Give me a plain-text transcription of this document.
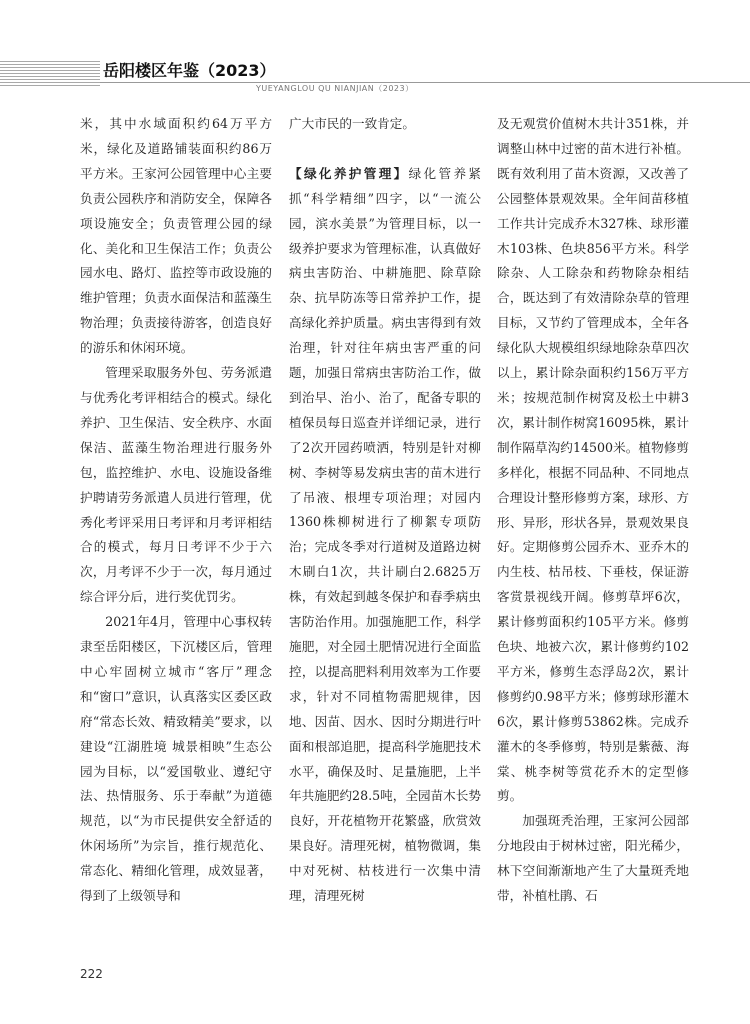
岳阳楼区年鉴（2023）
YUEYANGLOU QU NIANJIAN（2023）

米，其中水域面积约64万平方米，绿化及道路铺装面积约86万平方米。王家河公园管理中心主要负责公园秩序和消防安全，保障各项设施安全；负责管理公园的绿化、美化和卫生保洁工作；负责公园水电、路灯、监控等市政设施的维护管理；负责水面保洁和蓝藻生物治理；负责接待游客，创造良好的游乐和休闲环境。

管理采取服务外包、劳务派遣与优秀化考评相结合的模式。绿化养护、卫生保洁、安全秩序、水面保洁、蓝藻生物治理进行服务外包，监控维护、水电、设施设备维护聘请劳务派遣人员进行管理，优秀化考评采用日考评和月考评相结合的模式，每月日考评不少于六次，月考评不少于一次，每月通过综合评分后，进行奖优罚劣。

2021年4月，管理中心事权转隶至岳阳楼区，下沉楼区后，管理中心牢固树立城市“客厅”理念和“窗口”意识，认真落实区委区政府“常态长效、精致精美”要求，以建设“江湖胜境 城景相映”生态公园为目标，以“爱国敬业、遵纪守法、热情服务、乐于奉献”为道德规范，以“为市民提供安全舒适的休闲场所”为宗旨，推行规范化、常态化、精细化管理，成效显著，得到了上级领导和

广大市民的一致肯定。

【绿化养护管理】绿化管养紧抓“科学精细”四字，以“一流公园，滨水美景”为管理目标，以一级养护要求为管理标准，认真做好病虫害防治、中耕施肥、除草除杂、抗旱防冻等日常养护工作，提高绿化养护质量。病虫害得到有效治理，针对往年病虫害严重的问题，加强日常病虫害防治工作，做到治早、治小、治了，配备专职的植保员每日巡查并详细记录，进行了2次开园药喷洒，特别是针对柳树、李树等易发病虫害的苗木进行了吊液、根埋专项治理；对园内1360株柳树进行了柳絮专项防治；完成冬季对行道树及道路边树木刷白1次，共计刷白2.6825万株，有效起到越冬保护和春季病虫害防治作用。加强施肥工作，科学施肥，对全园土肥情况进行全面监控，以提高肥料利用效率为工作要求，针对不同植物需肥规律，因地、因苗、因水、因时分期进行叶面和根部追肥，提高科学施肥技术水平，确保及时、足量施肥，上半年共施肥约28.5吨，全园苗木长势良好，开花植物开花繁盛，欣赏效果良好。清理死树，植物微调，集中对死树、枯枝进行一次集中清理，清理死树

及无观赏价值树木共计351株，并调整山林中过密的苗木进行补植。既有效利用了苗木资源，又改善了公园整体景观效果。全年间苗移植工作共计完成乔木327株、球形灌木103株、色块856平方米。科学除杂、人工除杂和药物除杂相结合，既达到了有效清除杂草的管理目标，又节约了管理成本，全年各绿化队大规模组织绿地除杂草四次以上，累计除杂面积约156万平方米；按规范制作树窝及松土中耕3次，累计制作树窝16095株，累计制作隔草沟约14500米。植物修剪多样化，根据不同品种、不同地点合理设计整形修剪方案，球形、方形、异形，形状各异，景观效果良好。定期修剪公园乔木、亚乔木的内生枝、枯吊枝、下垂枝，保证游客赏景视线开阔。修剪草坪6次，累计修剪面积约105平方米。修剪色块、地被六次，累计修剪约102平方米，修剪生态浮岛2次，累计修剪约0.98平方米；修剪球形灌木6次，累计修剪53862株。完成乔灌木的冬季修剪，特别是紫薇、海棠、桃李树等赏花乔木的定型修剪。

加强斑秃治理，王家河公园部分地段由于树林过密，阳光稀少，林下空间渐渐地产生了大量斑秃地带，补植杜鹃、石

222
